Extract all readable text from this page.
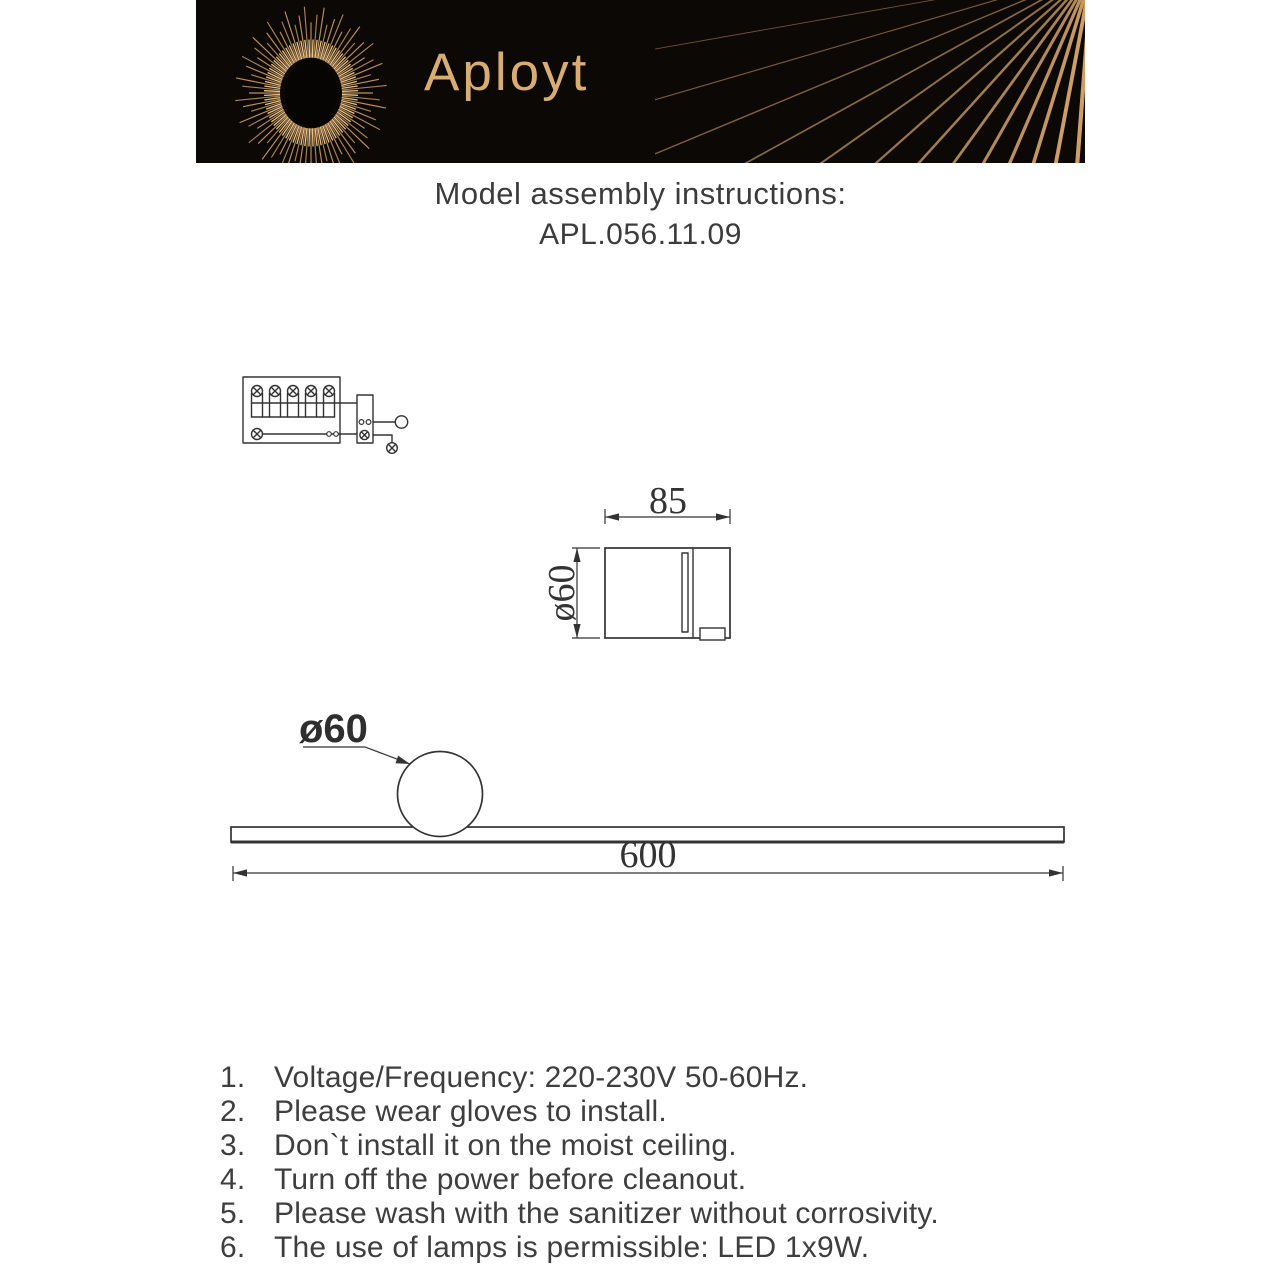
Aployt
Model assembly instructions:
APL.056.11.09
85
ø60
ø60
600
1. Voltage/Frequency: 220-230V 50-60Hz.
2. Please wear gloves to install.
3. Don`t install it on the moist ceiling.
4. Turn off the power before cleanout.
5. Please wash with the sanitizer without corrosivity.
6. The use of lamps is permissible: LED 1x9W.
